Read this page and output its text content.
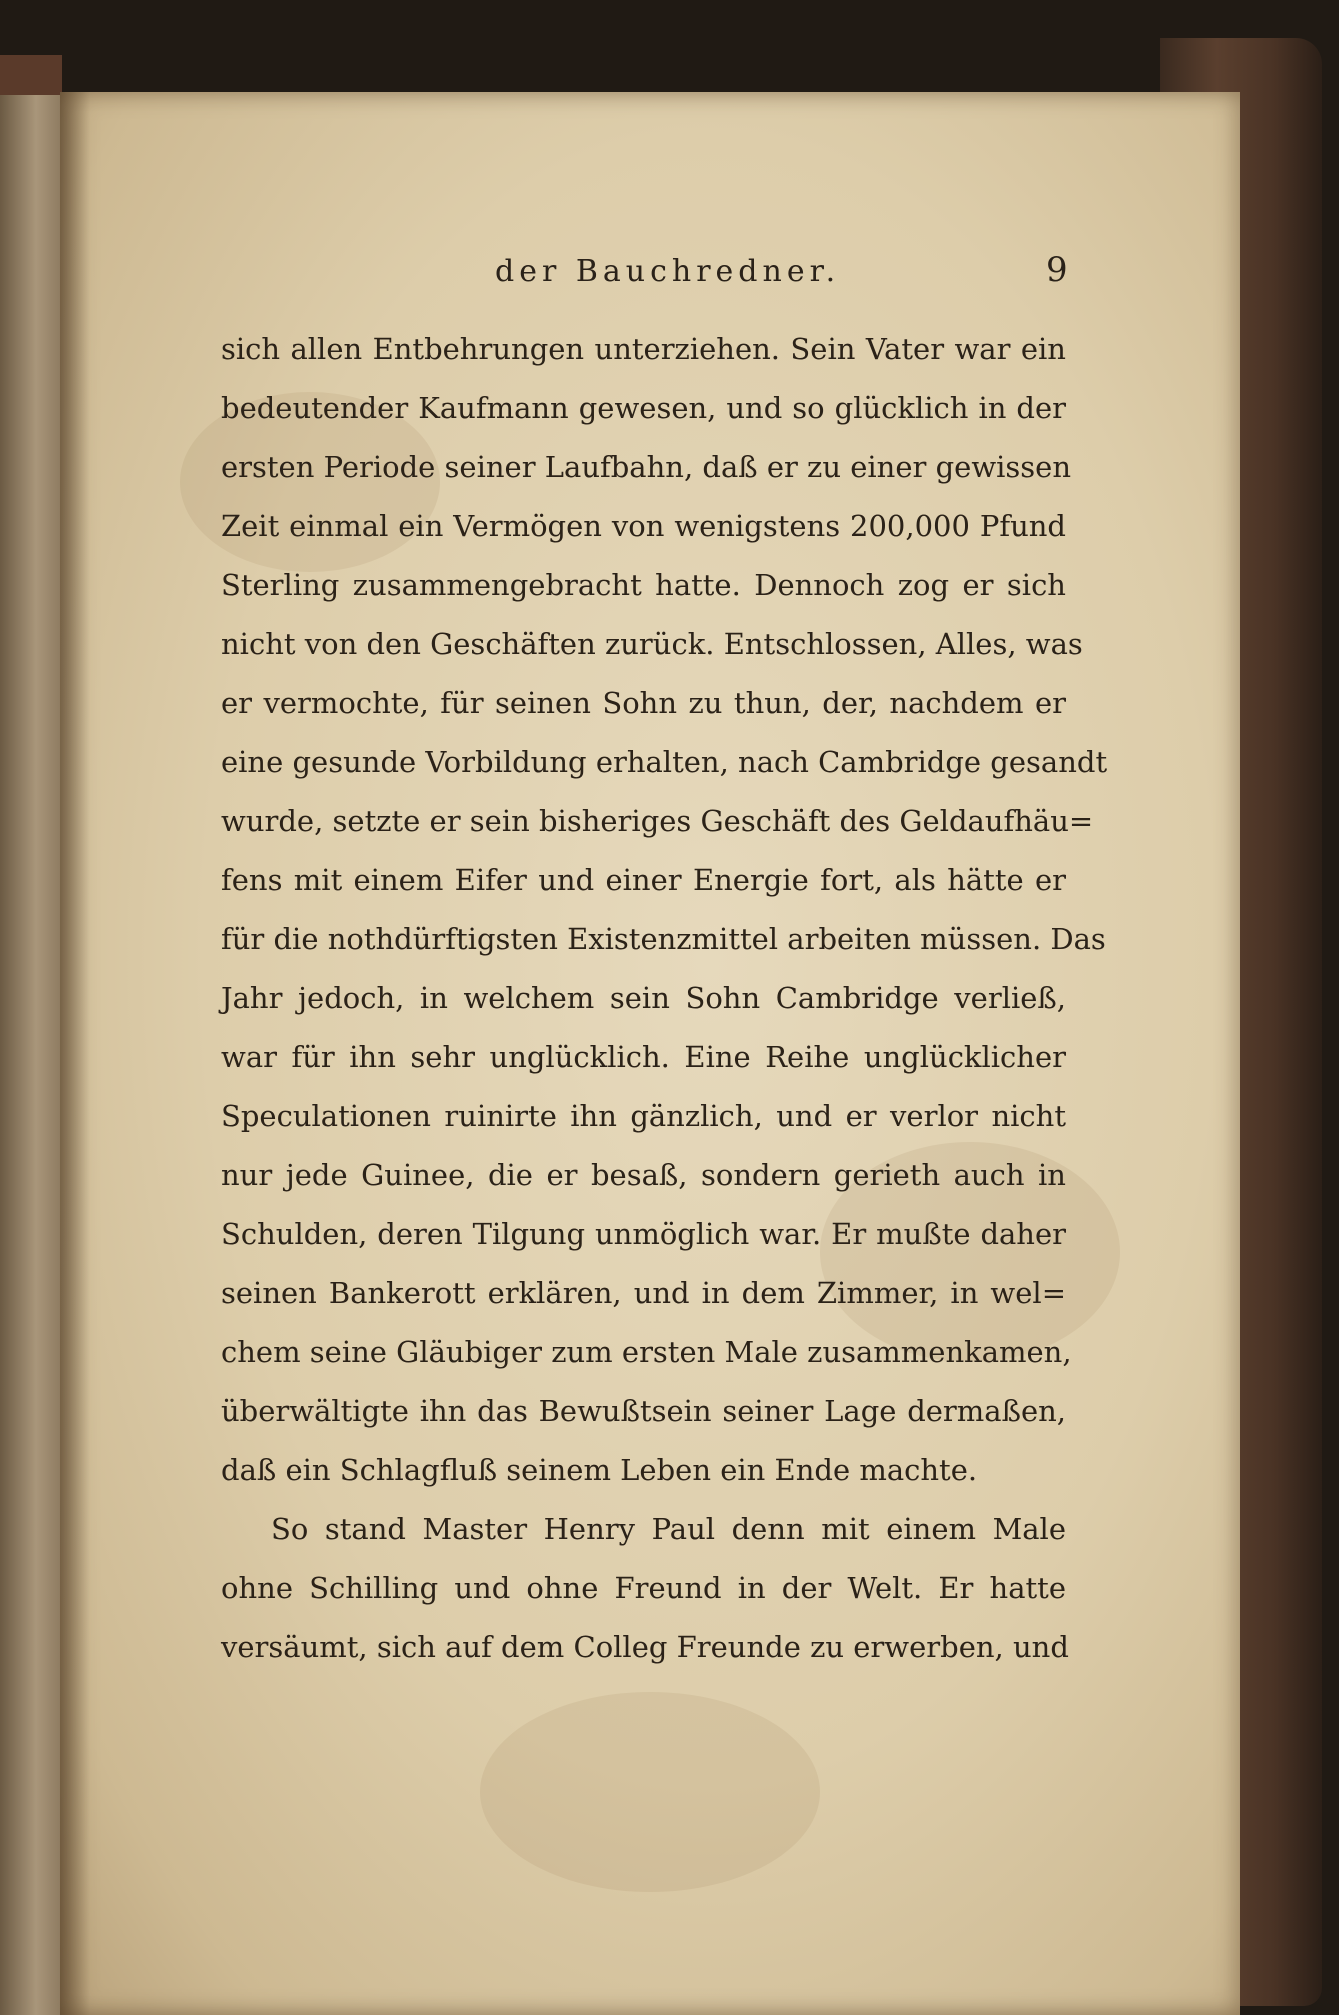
der Bauchredner.	9
sich allen Entbehrungen unterziehen. Sein Vater war ein
bedeutender Kaufmann gewesen, und so glücklich in der
ersten Periode seiner Laufbahn, daß er zu einer gewissen
Zeit einmal ein Vermögen von wenigstens 200,000 Pfund
Sterling zusammengebracht hatte. Dennoch zog er sich
nicht von den Geschäften zurück. Entschlossen, Alles, was
er vermochte, für seinen Sohn zu thun, der, nachdem er
eine gesunde Vorbildung erhalten, nach Cambridge gesandt
wurde, setzte er sein bisheriges Geschäft des Geldaufhäu=
fens mit einem Eifer und einer Energie fort, als hätte er
für die nothdürftigsten Existenzmittel arbeiten müssen. Das
Jahr jedoch, in welchem sein Sohn Cambridge verließ,
war für ihn sehr unglücklich. Eine Reihe unglücklicher
Speculationen ruinirte ihn gänzlich, und er verlor nicht
nur jede Guinee, die er besaß, sondern gerieth auch in
Schulden, deren Tilgung unmöglich war. Er mußte daher
seinen Bankerott erklären, und in dem Zimmer, in wel=
chem seine Gläubiger zum ersten Male zusammenkamen,
überwältigte ihn das Bewußtsein seiner Lage dermaßen,
daß ein Schlagfluß seinem Leben ein Ende machte.
So stand Master Henry Paul denn mit einem Male
ohne Schilling und ohne Freund in der Welt. Er hatte
versäumt, sich auf dem Colleg Freunde zu erwerben, und
